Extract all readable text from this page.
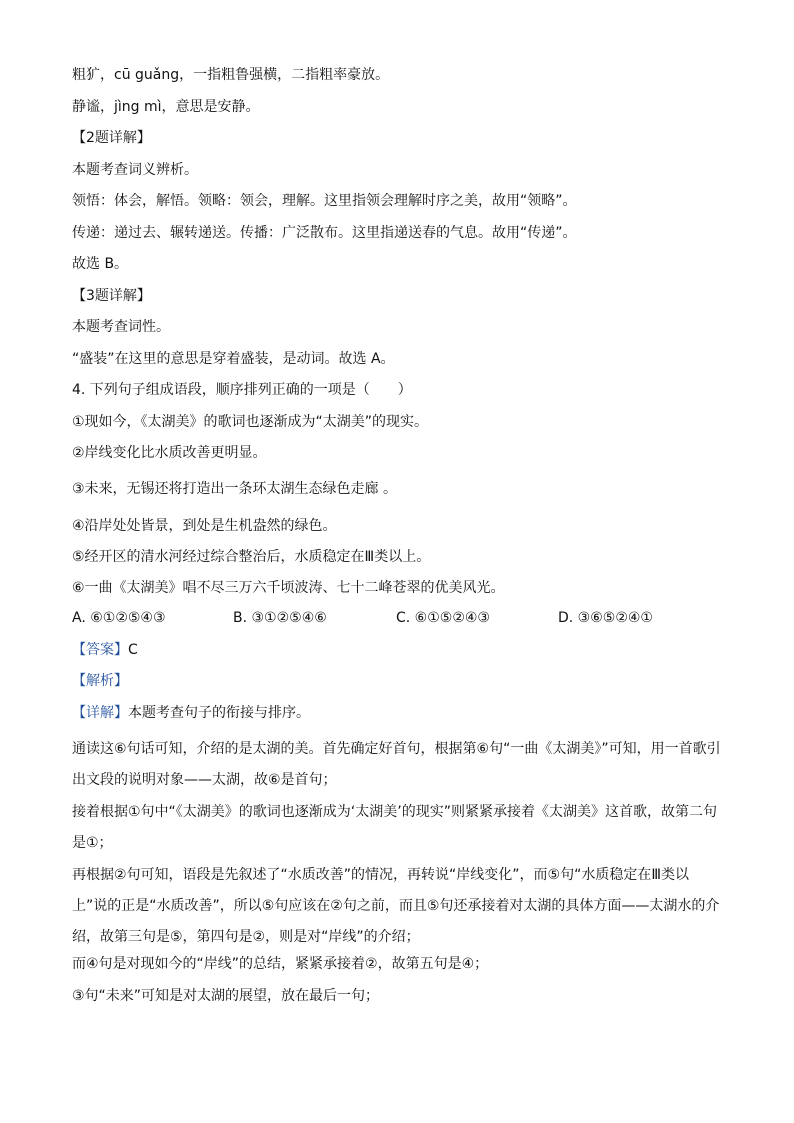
粗犷，cū guǎng，一指粗鲁强横，二指粗率豪放。
静谧，jìng mì，意思是安静。
【2题详解】
本题考查词义辨析。
领悟：体会，解悟。领略：领会，理解。这里指领会理解时序之美，故用“领略”。
传递：递过去、辗转递送。传播：广泛散布。这里指递送春的气息。故用“传递”。
故选 B。
【3题详解】
本题考查词性。
“盛装”在这里的意思是穿着盛装，是动词。故选 A。
4. 下列句子组成语段，顺序排列正确的一项是（　　）
①现如今，《太湖美》的歌词也逐渐成为“太湖美”的现实。
②岸线变化比水质改善更明显。
③未来，无锡还将打造出一条环太湖生态绿色走廊 。
④沿岸处处皆景，到处是生机盎然的绿色。
⑤经开区的清水河经过综合整治后，水质稳定在Ⅲ类以上。
⑥一曲《太湖美》唱不尽三万六千顷波涛、七十二峰苍翠的优美风光。
A. ⑥①②⑤④③	B. ③①②⑤④⑥	C. ⑥①⑤②④③	D. ③⑥⑤②④①
【答案】C
【解析】
【详解】本题考查句子的衔接与排序。
通读这⑥句话可知，介绍的是太湖的美。首先确定好首句，根据第⑥句“一曲《太湖美》”可知，用一首歌引出文段的说明对象——太湖，故⑥是首句；
接着根据①句中“《太湖美》的歌词也逐渐成为‘太湖美’的现实”则紧紧承接着《太湖美》这首歌，故第二句是①；
再根据②句可知，语段是先叙述了“水质改善”的情况，再转说“岸线变化”，而⑤句“水质稳定在Ⅲ类以上”说的正是“水质改善”，所以⑤句应该在②句之前，而且⑤句还承接着对太湖的具体方面——太湖水的介绍，故第三句是⑤，第四句是②，则是对“岸线”的介绍；
而④句是对现如今的“岸线”的总结，紧紧承接着②，故第五句是④；
③句“未来”可知是对太湖的展望，放在最后一句；
